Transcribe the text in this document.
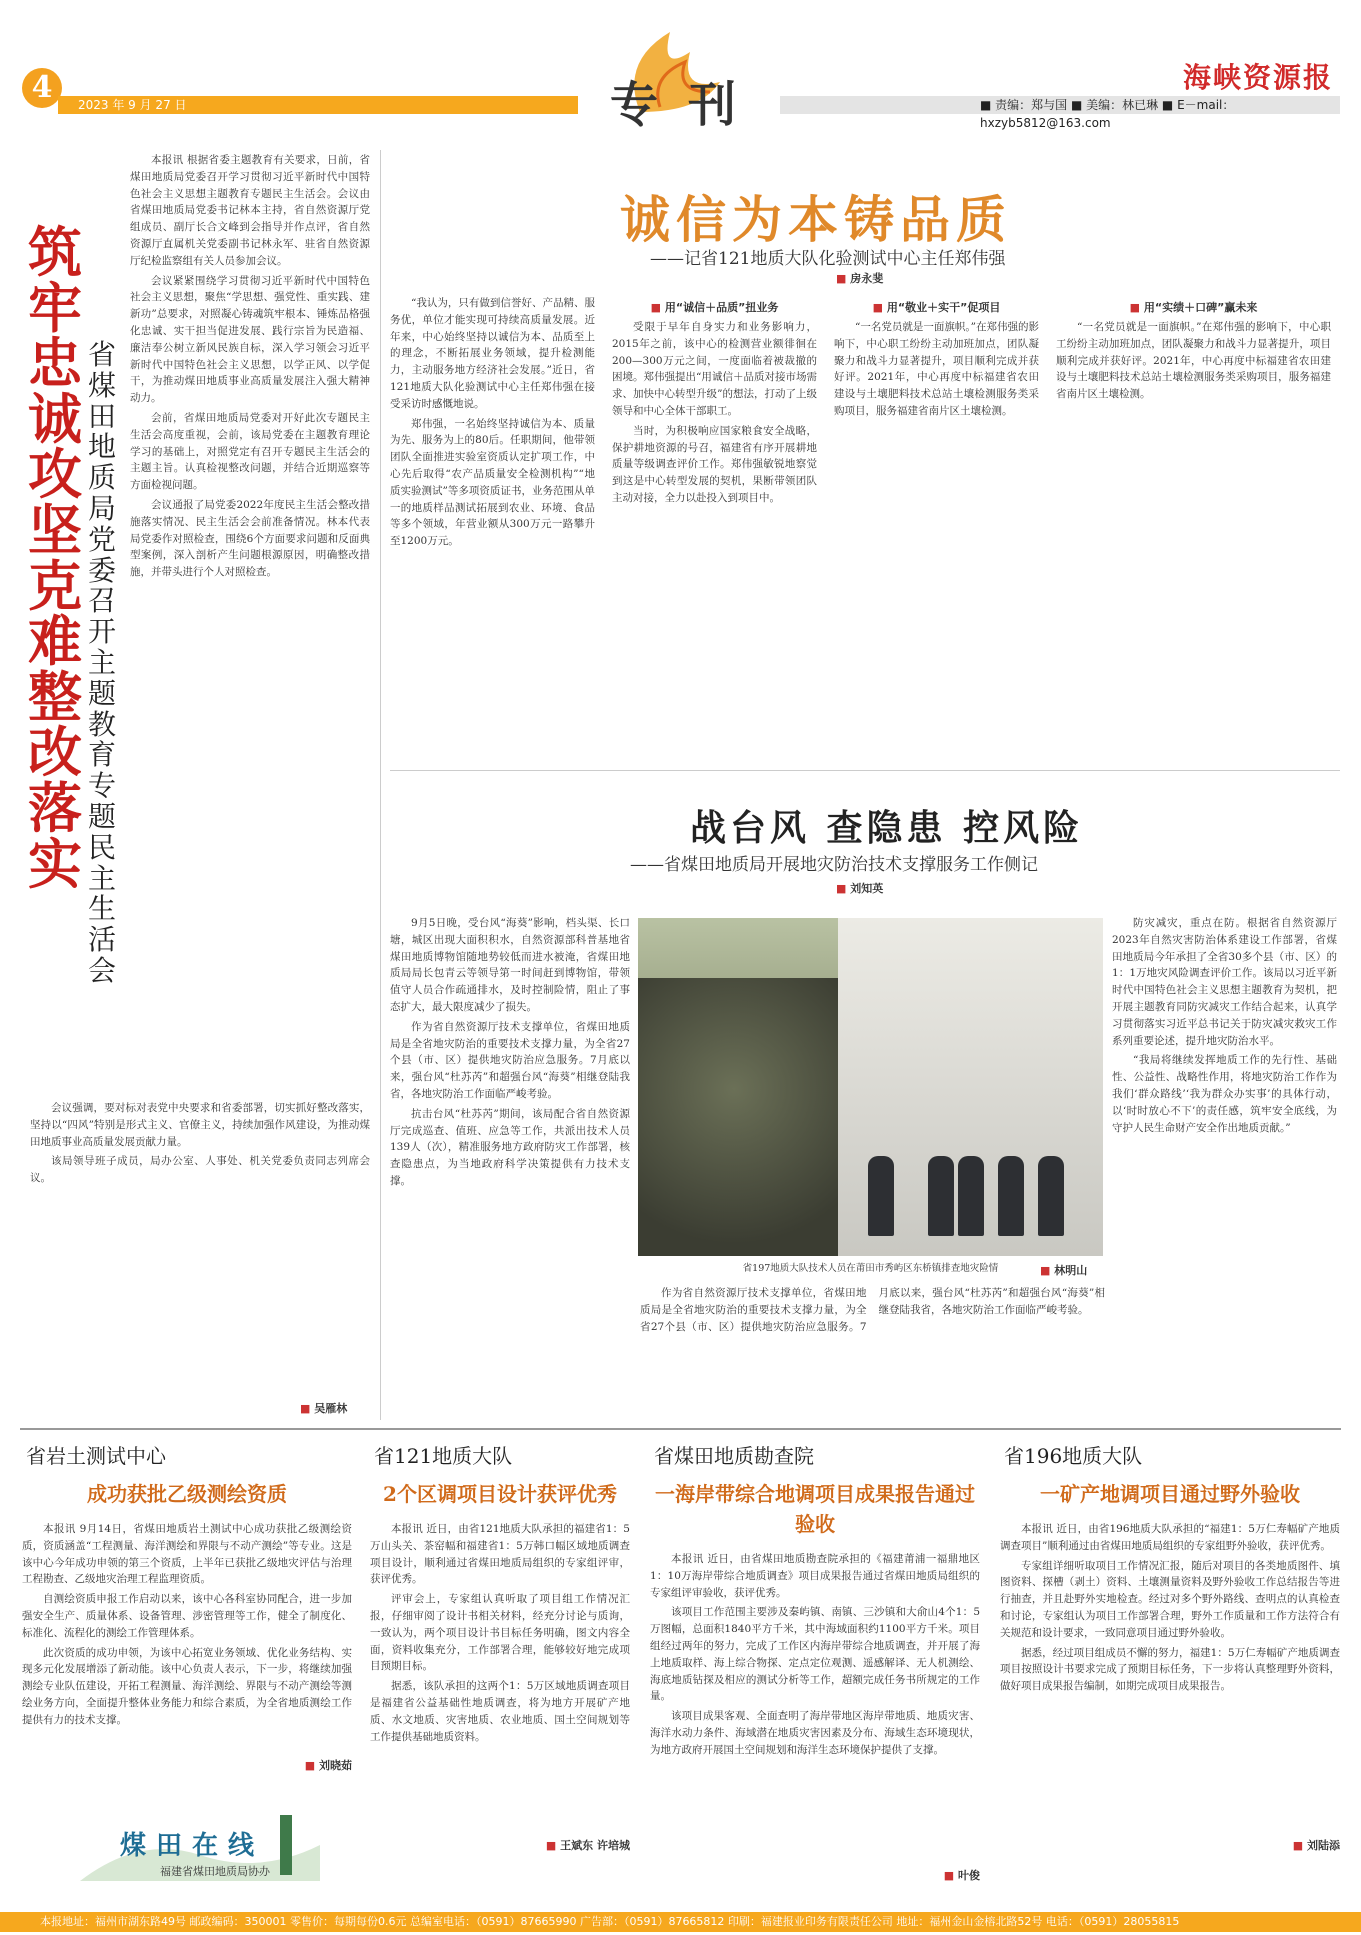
4	2023 年 9 月 27 日	专刊	海峡资源报
■ 责编：郑与国 ■ 美编：林已琳 ■ E－mail：hxzyb5812@163.com
筑牢忠诚 攻坚克难 整改落实
省煤田地质局党委召开主题教育专题民主生活会

本报讯 根据省委主题教育有关要求，日前，省煤田地质局党委召开学习贯彻习近平新时代中国特色社会主义思想主题教育专题民主生活会。会议由省煤田地质局党委书记林本主持，省自然资源厅党组成员、副厅长合文峰到会指导并作点评，省自然资源厅直属机关党委副书记林永军、驻省自然资源厅纪检监察组有关人员参加会议。

会议紧紧围绕学习贯彻习近平新时代中国特色社会主义思想，聚焦“学思想、强党性、重实践、建新功”总要求，对照凝心铸魂筑牢根本、锤炼品格强化忠诚、实干担当促进发展、践行宗旨为民造福、廉洁奉公树立新风民族自标，深入学习领会习近平新时代中国特色社会主义思想，以学正风、以学促干，为推动煤田地质事业高质量发展注入强大精神动力。

会前，省煤田地质局党委对开好此次专题民主生活会高度重视，会前，该局党委在主题教育理论学习的基础上，对照党定有召开专题民主生活会的主题主旨。认真检视整改问题，并结合近期巡察等方面检视问题。

会议通报了局党委2022年度民主生活会整改措施落实情况、民主生活会会前准备情况。林本代表局党委作对照检查，围绕6个方面要求问题和反面典型案例，深入剖析产生问题根源原因，明确整改措施，并带头进行个人对照检查。

会议强调，要对标对表党中央要求和省委部署，切实抓好整改落实，坚持以“四风”特别是形式主义、官僚主义，持续加强作风建设，为推动煤田地质事业高质量发展贡献力量。

该局领导班子成员，局办公室、人事处、机关党委负责同志列席会议。

■ 吴雁林
诚信为本铸品质
——记省121地质大队化验测试中心主任郑伟强
■ 房永斐

“我认为，只有做到信誉好、产品精、服务优，单位才能实现可持续高质量发展。近年来，中心始终坚持以诚信为本、品质至上的理念，不断拓展业务领域，提升检测能力，主动服务地方经济社会发展。”近日，省121地质大队化验测试中心主任郑伟强在接受采访时感慨地说。

郑伟强，一名始终坚持诚信为本、质量为先、服务为上的80后。任职期间，他带领团队全面推进实验室资质认定扩项工作，中心先后取得“农产品质量安全检测机构”“地质实验测试”等多项资质证书，业务范围从单一的地质样品测试拓展到农业、环境、食品等多个领域，年营业额从300万元一路攀升至1200万元。

■ 用“诚信＋品质”扭业务

受限于早年自身实力和业务影响力，2015年之前，该中心的检测营业额徘徊在200—300万元之间，一度面临着被裁撤的困境。郑伟强提出“用诚信＋品质对接市场需求、加快中心转型升级”的想法，打动了上级领导和中心全体干部职工。

当时，为积极响应国家粮食安全战略，保护耕地资源的号召，福建省有序开展耕地质量等级调查评价工作。郑伟强敏锐地察觉到这是中心转型发展的契机，果断带领团队主动对接，全力以赴投入到项目中。

■ 用“敬业＋实干”促项目

“一名党员就是一面旗帜。”在郑伟强的影响下，中心职工纷纷主动加班加点，团队凝聚力和战斗力显著提升，项目顺利完成并获好评。2021年，中心再度中标福建省农田建设与土壤肥料技术总站土壤检测服务类采购项目，服务福建省南片区土壤检测。

■ 用“实绩＋口碑”赢未来

“一名党员就是一面旗帜。”在郑伟强的影响下，中心职工纷纷主动加班加点，团队凝聚力和战斗力显著提升，项目顺利完成并获好评。2021年，中心再度中标福建省农田建设与土壤肥料技术总站土壤检测服务类采购项目，服务福建省南片区土壤检测。

战台风 查隐患 控风险
——省煤田地质局开展地灾防治技术支撑服务工作侧记
■ 刘知英

9月5日晚，受台风“海葵”影响，档头渠、长口塘，城区出现大面积积水，自然资源部科普基地省煤田地质博物馆随地势较低而进水被淹，省煤田地质局局长包青云等领导第一时间赶到博物馆，带领值守人员合作疏通排水，及时控制险情，阻止了事态扩大，最大限度减少了损失。

作为省自然资源厅技术支撑单位，省煤田地质局是全省地灾防治的重要技术支撑力量，为全省27个县（市、区）提供地灾防治应急服务。7月底以来，强台风“杜苏芮”和超强台风“海葵”相继登陆我省，各地灾防治工作面临严峻考验。

抗击台风“杜苏芮”期间，该局配合省自然资源厅完成巡查、值班、应急等工作，共派出技术人员139人（次），精准服务地方政府防灾工作部署，核查隐患点，为当地政府科学决策提供有力技术支撑。

省197地质大队技术人员在莆田市秀屿区东桥镇排查地灾险情
■	林明山

防灾减灾，重点在防。根据省自然资源厅2023年自然灾害防治体系建设工作部署，省煤田地质局今年承担了全省30多个县（市、区）的1：1万地灾风险调查评价工作。该局以习近平新时代中国特色社会主义思想主题教育为契机，把开展主题教育同防灾减灾工作结合起来，认真学习贯彻落实习近平总书记关于防灾减灾救灾工作系列重要论述，提升地灾防治水平。

“我局将继续发挥地质工作的先行性、基础性、公益性、战略性作用，将地灾防治工作作为我们‘群众路线’‘我为群众办实事’的具体行动，以‘时时放心不下’的责任感，筑牢安全底线，为守护人民生命财产安全作出地质贡献。”

作为省自然资源厅技术支撑单位，省煤田地质局是全省地灾防治的重要技术支撑力量，为全省27个县（市、区）提供地灾防治应急服务。7月底以来，强台风“杜苏芮”和超强台风“海葵”相继登陆我省，各地灾防治工作面临严峻考验。

省岩土测试中心
成功获批乙级测绘资质

本报讯 9月14日，省煤田地质岩土测试中心成功获批乙级测绘资质，资质涵盖“工程测量、海洋测绘和界限与不动产测绘”等专业。这是该中心今年成功申领的第三个资质，上半年已获批乙级地灾评估与治理工程勘查、乙级地灾治理工程监理资质。

自测绘资质申报工作启动以来，该中心各科室协同配合，进一步加强安全生产、质量体系、设备管理、涉密管理等工作，健全了制度化、标准化、流程化的测绘工作管理体系。

此次资质的成功申领，为该中心拓宽业务领域、优化业务结构、实现多元化发展增添了新动能。该中心负责人表示，下一步，将继续加强测绘专业队伍建设，开拓工程测量、海洋测绘、界限与不动产测绘等测绘业务方向，全面提升整体业务能力和综合素质，为全省地质测绘工作提供有力的技术支撑。

■ 刘晓茹
省121地质大队
2个区调项目设计获评优秀

本报讯 近日，由省121地质大队承担的福建省1：5万山头关、茶窑幅和福建省1：5万韩口幅区域地质调查项目设计，顺利通过省煤田地质局组织的专家组评审，获评优秀。

评审会上，专家组认真听取了项目组工作情况汇报，仔细审阅了设计书相关材料，经充分讨论与质询，一致认为，两个项目设计书目标任务明确，图文内容全面，资料收集充分，工作部署合理，能够较好地完成项目预期目标。

据悉，该队承担的这两个1：5万区域地质调查项目是福建省公益基础性地质调查，将为地方开展矿产地质、水文地质、灾害地质、农业地质、国土空间规划等工作提供基础地质资料。

■ 王斌东 许培城
省煤田地质勘查院
一海岸带综合地调项目成果报告通过验收

本报讯 近日，由省煤田地质勘查院承担的《福建莆浦一福鼎地区1：10万海岸带综合地质调查》项目成果报告通过省煤田地质局组织的专家组评审验收，获评优秀。

该项目工作范围主要涉及秦屿镇、南镇、三沙镇和大俞山4个1：5万图幅，总面积1840平方千米，其中海域面积约1100平方千米。项目组经过两年的努力，完成了工作区内海岸带综合地质调查，并开展了海上地质取样、海上综合物探、定点定位观测、遥感解译、无人机测绘、海底地质钻探及相应的测试分析等工作，超额完成任务书所规定的工作量。

该项目成果客观、全面查明了海岸带地区海岸带地质、地质灾害、海洋水动力条件、海域潜在地质灾害因素及分布、海域生态环境现状，为地方政府开展国土空间规划和海洋生态环境保护提供了支撑。

■ 叶俊
省196地质大队
一矿产地调项目通过野外验收

本报讯 近日，由省196地质大队承担的“福建1：5万仁寿幅矿产地质调查项目”顺利通过由省煤田地质局组织的专家组野外验收，获评优秀。

专家组详细听取项目工作情况汇报，随后对项目的各类地质图件、填图资料、探槽（剥土）资料、土壤测量资料及野外验收工作总结报告等进行抽查，并且赴野外实地检查。经过对多个野外路线、查明点的认真检查和讨论，专家组认为项目工作部署合理，野外工作质量和工作方法符合有关规范和设计要求，一致同意项目通过野外验收。

据悉，经过项目组成员不懈的努力，福建1：5万仁寿幅矿产地质调查项目按照设计书要求完成了预期目标任务，下一步将认真整理野外资料，做好项目成果报告编制，如期完成项目成果报告。

■ 刘陆添
煤田在线
福建省煤田地质局协办
本报地址：福州市湖东路49号 邮政编码：350001 零售价：每期每份0.6元 总编室电话：（0591）87665990 广告部：（0591）87665812 印刷：福建报业印务有限责任公司 地址：福州金山金榕北路52号 电话：（0591）28055815
